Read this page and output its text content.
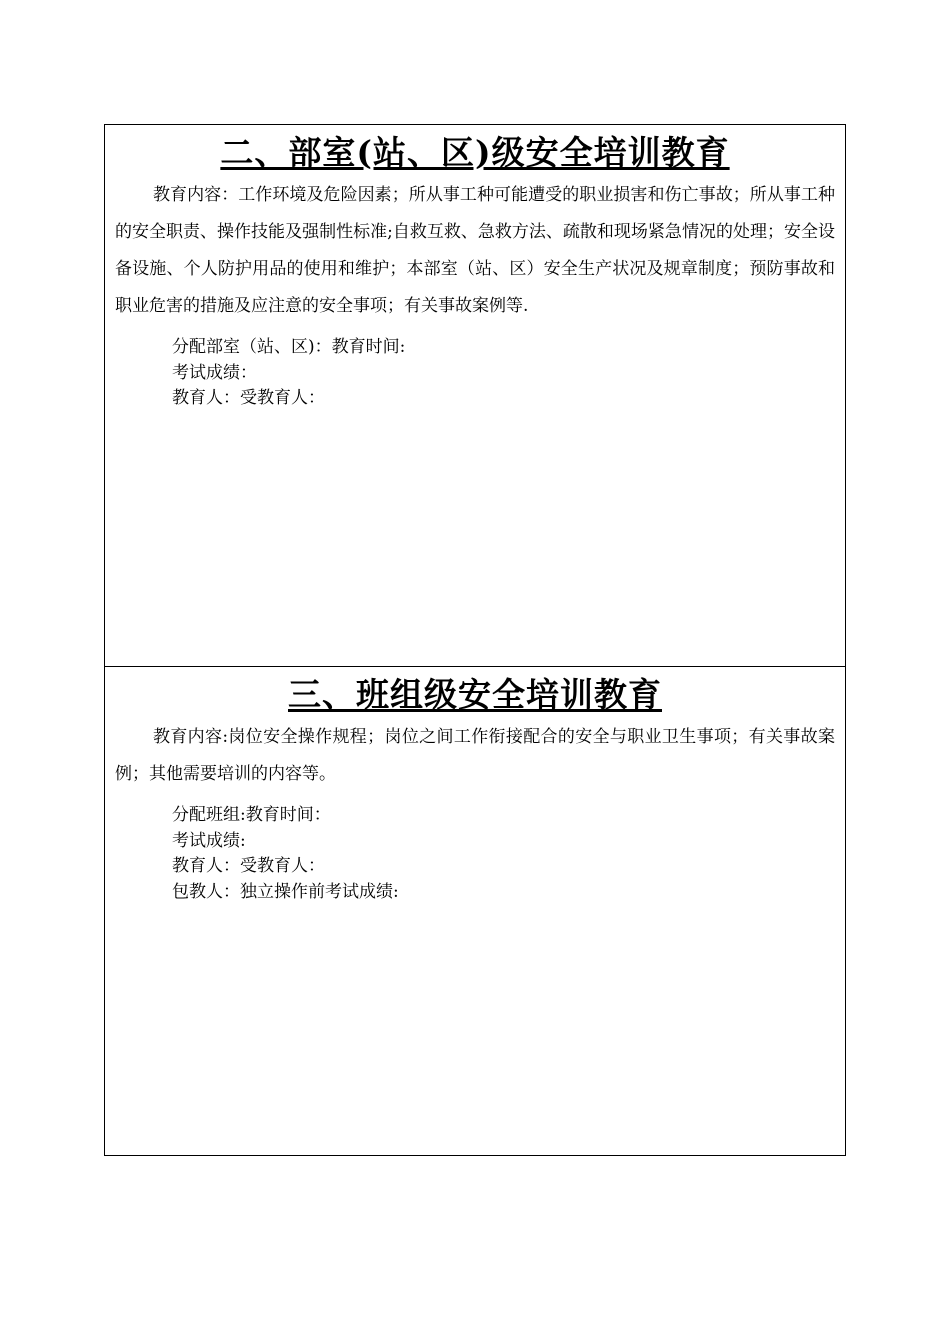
二、部室(站、区)级安全培训教育

教育内容：工作环境及危险因素；所从事工种可能遭受的职业损害和伤亡事故；所从事工种的安全职责、操作技能及强制性标准;自救互救、急救方法、疏散和现场紧急情况的处理；安全设备设施、个人防护用品的使用和维护；本部室（站、区）安全生产状况及规章制度；预防事故和职业危害的措施及应注意的安全事项；有关事故案例等.

分配部室（站、区)：教育时间:
考试成绩：
教育人：受教育人：
三、班组级安全培训教育

教育内容:岗位安全操作规程；岗位之间工作衔接配合的安全与职业卫生事项；有关事故案例；其他需要培训的内容等。

分配班组:教育时间：
考试成绩:
教育人：受教育人：
包教人：独立操作前考试成绩:
